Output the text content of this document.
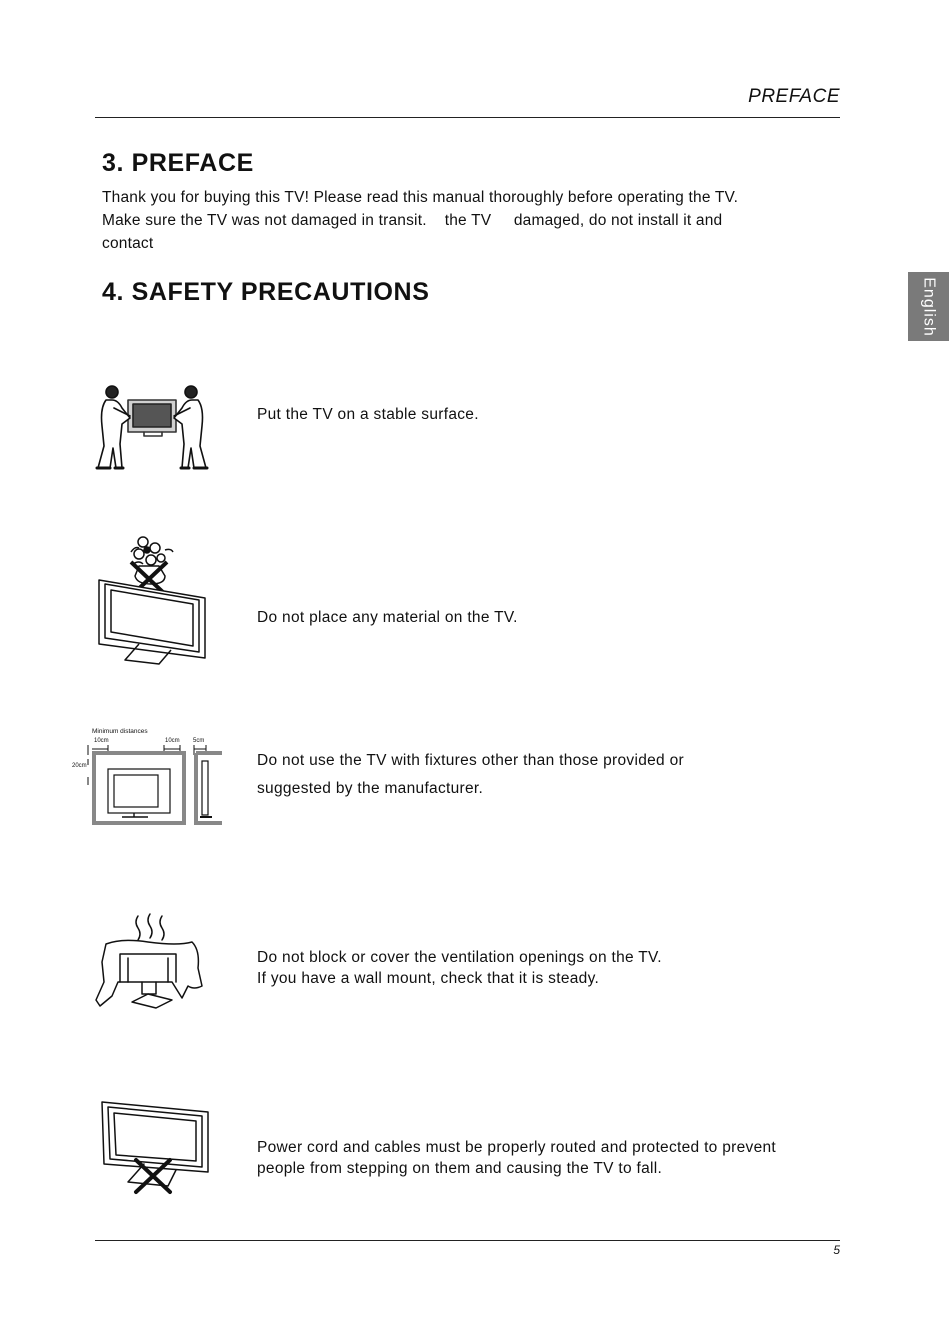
PREFACE
English
3. PREFACE
Thank you for buying this TV! Please read this manual thoroughly before operating the TV.
Make sure the TV was not damaged in transit.    the TV     damaged, do not install it and
contact
4. SAFETY PRECAUTIONS
Put the TV on a stable surface.
Do not place any material on the TV.
Minimum distances
10cm	10cm 5cm
20cm	Do not use the TV with fixtures other than those provided or
suggested by the manufacturer.
Do not block or cover the ventilation openings on the TV.
If you have a wall mount, check that it is steady.
Power cord and cables must be properly routed and protected to prevent
people from stepping on them and causing the TV to fall.
5
